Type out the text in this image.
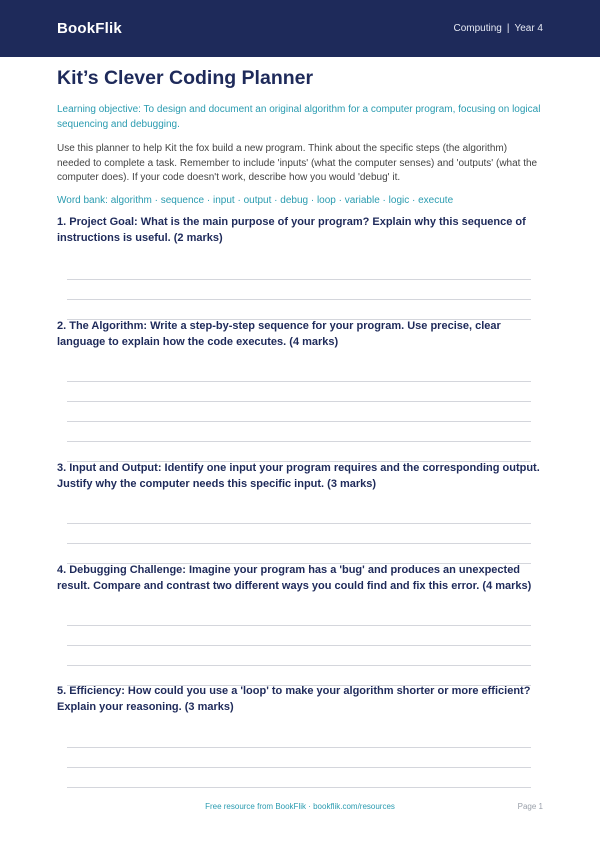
BookFlik	Computing | Year 4
Kit’s Clever Coding Planner
Learning objective: To design and document an original algorithm for a computer program, focusing on logical sequencing and debugging.
Use this planner to help Kit the fox build a new program. Think about the specific steps (the algorithm) needed to complete a task. Remember to include 'inputs' (what the computer senses) and 'outputs' (what the computer does). If your code doesn't work, describe how you would 'debug' it.
Word bank: algorithm · sequence · input · output · debug · loop · variable · logic · execute
1. Project Goal: What is the main purpose of your program? Explain why this sequence of instructions is useful. (2 marks)
2. The Algorithm: Write a step-by-step sequence for your program. Use precise, clear language to explain how the code executes. (4 marks)
3. Input and Output: Identify one input your program requires and the corresponding output. Justify why the computer needs this specific input. (3 marks)
4. Debugging Challenge: Imagine your program has a 'bug' and produces an unexpected result. Compare and contrast two different ways you could find and fix this error. (4 marks)
5. Efficiency: How could you use a 'loop' to make your algorithm shorter or more efficient? Explain your reasoning. (3 marks)
Free resource from BookFlik · bookflik.com/resources	Page 1
